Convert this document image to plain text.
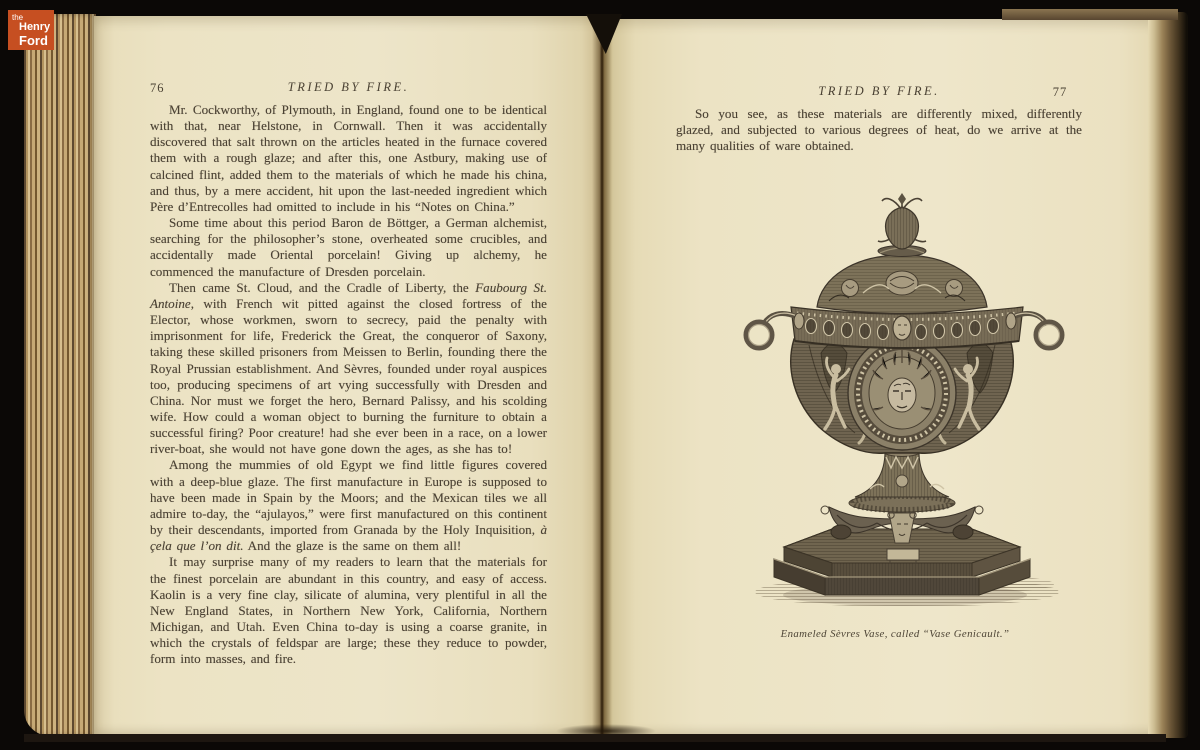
the
Henry
Ford
76	TRIED BY FIRE.

Mr. Cockworthy, of Plymouth, in England, found one to be identical with that, near Helstone, in Cornwall. Then it was accidentally discovered that salt thrown on the articles heated in the furnace covered them with a rough glaze; and after this, one Astbury, making use of calcined flint, added them to the materials of which he made his china, and thus, by a mere accident, hit upon the last-needed ingredient which Père d’Entrecolles had omitted to include in his “Notes on China.”

Some time about this period Baron de Böttger, a German alchemist, searching for the philosopher’s stone, overheated some crucibles, and accidentally made Oriental porcelain! Giving up alchemy, he commenced the manufacture of Dresden porcelain.

Then came St. Cloud, and the Cradle of Liberty, the Faubourg St. Antoine, with French wit pitted against the closed fortress of the Elector, whose workmen, sworn to secrecy, paid the penalty with imprisonment for life, Frederick the Great, the conqueror of Saxony, taking these skilled prisoners from Meissen to Berlin, founding there the Royal Prussian establishment. And Sèvres, founded under royal auspices too, producing specimens of art vying successfully with Dresden and China. Nor must we forget the hero, Bernard Palissy, and his scolding wife. How could a woman object to burning the furniture to obtain a successful firing? Poor creature! had she ever been in a race, on a lower river-boat, she would not have gone down the ages, as she has to!

Among the mummies of old Egypt we find little figures covered with a deep-blue glaze. The first manufacture in Europe is supposed to have been made in Spain by the Moors; and the Mexican tiles we all admire to-day, the “ajulayos,” were first manufactured on this continent by their descendants, imported from Granada by the Holy Inquisition, à çela que l’on dit. And the glaze is the same on them all!

It may surprise many of my readers to learn that the materials for the finest porcelain are abundant in this country, and easy of access. Kaolin is a very fine clay, silicate of alumina, very plentiful in all the New England States, in Northern New York, California, Northern Michigan, and Utah. Even China to-day is using a coarse granite, in which the crystals of feldspar are large; these they reduce to powder, form into masses, and fire.

TRIED BY FIRE.	77

So you see, as these materials are differently mixed, differently glazed, and subjected to various degrees of heat, do we arrive at the many qualities of ware obtained.

Enameled Sèvres Vase, called “Vase Genicault.”
